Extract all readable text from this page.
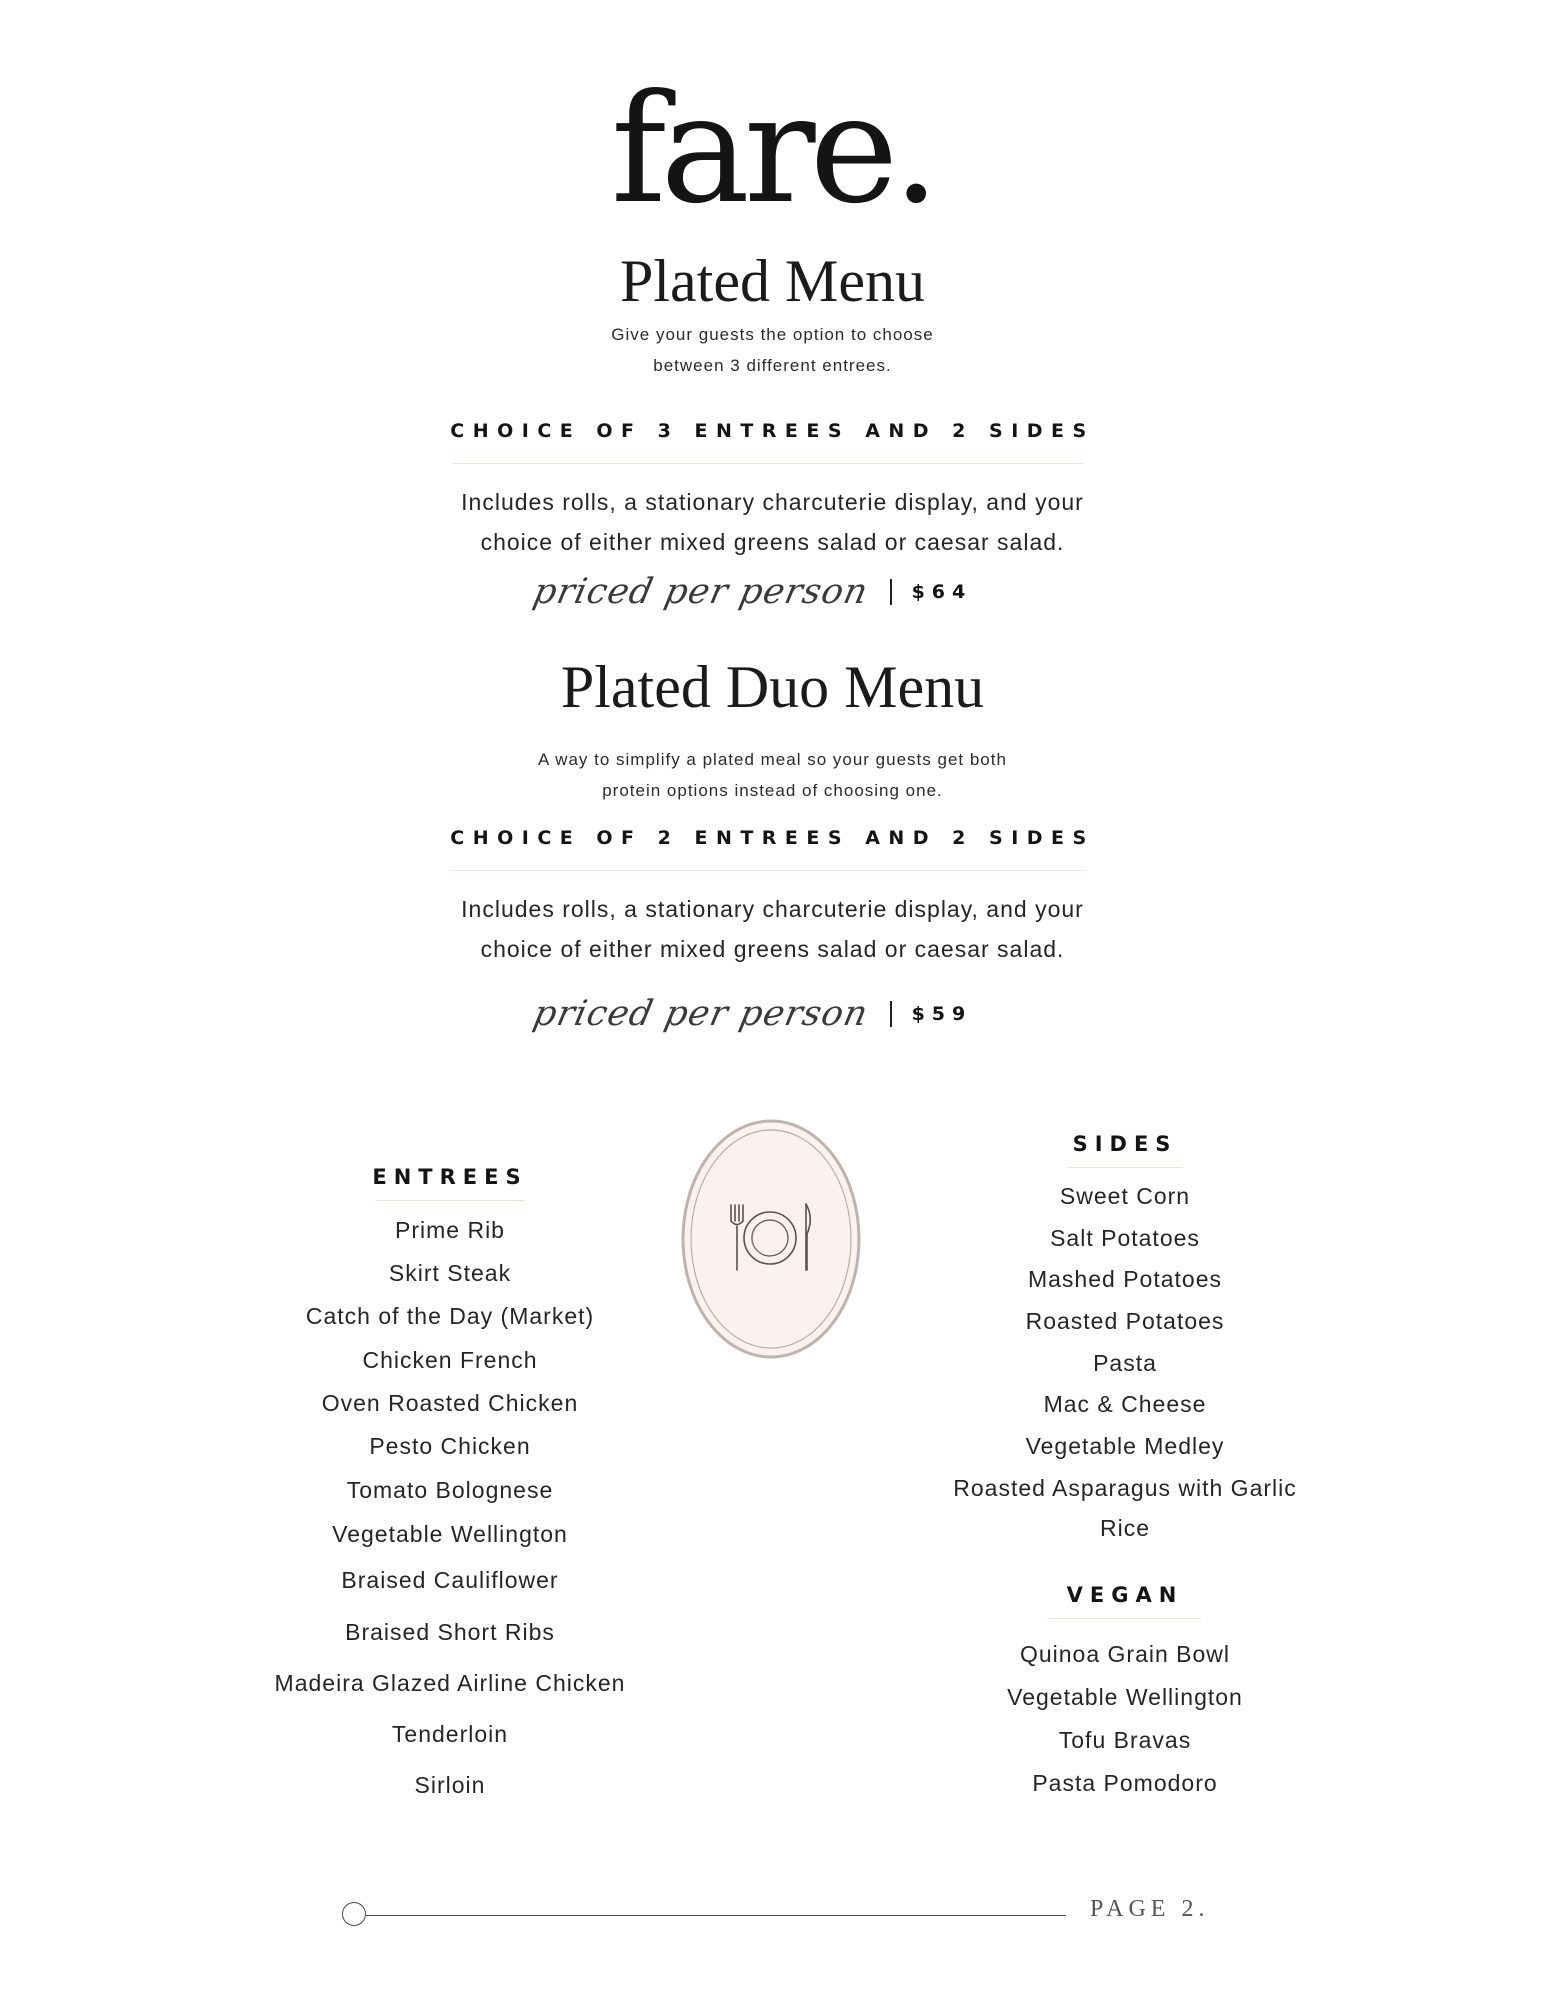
fare.
Plated Menu
Give your guests the option to choose
between 3 different entrees.
CHOICE OF 3 ENTREES AND 2 SIDES
Includes rolls, a stationary charcuterie display, and your
choice of either mixed greens salad or caesar salad.
priced per person $64
Plated Duo Menu
A way to simplify a plated meal so your guests get both
protein options instead of choosing one.
CHOICE OF 2 ENTREES AND 2 SIDES
Includes rolls, a stationary charcuterie display, and your
choice of either mixed greens salad or caesar salad.
priced per person $59
ENTREES
Prime Rib
Skirt Steak
Catch of the Day (Market)
Chicken French
Oven Roasted Chicken
Pesto Chicken
Tomato Bolognese
Vegetable Wellington
Braised Cauliflower
Braised Short Ribs
Madeira Glazed Airline Chicken
Tenderloin
Sirloin
SIDES
Sweet Corn
Salt Potatoes
Mashed Potatoes
Roasted Potatoes
Pasta
Mac & Cheese
Vegetable Medley
Roasted Asparagus with Garlic
Rice
VEGAN
Quinoa Grain Bowl
Vegetable Wellington
Tofu Bravas
Pasta Pomodoro
PAGE 2.
